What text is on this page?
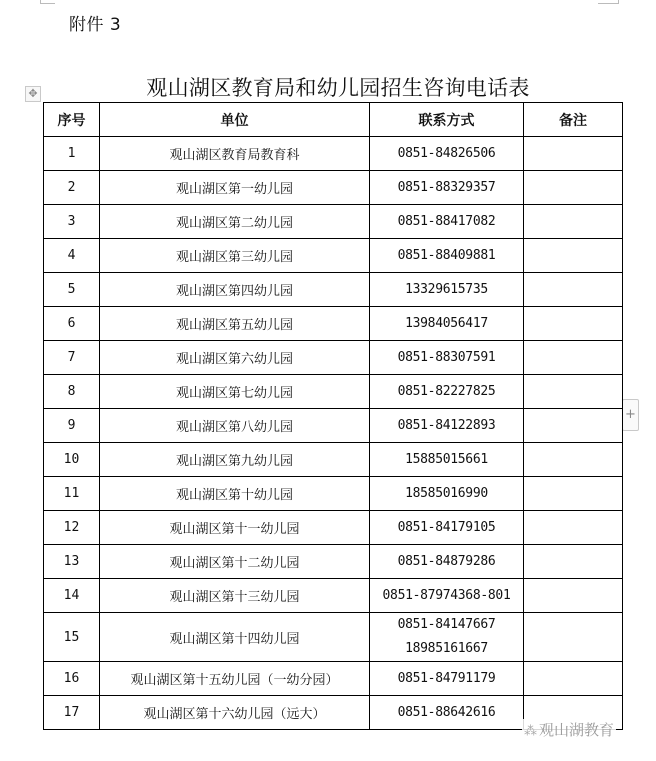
附件 3
观山湖区教育局和幼儿园招生咨询电话表
✥
+
序号	单位	联系方式	备注
1	观山湖区教育局教育科	0851-84826506	

2	观山湖区第一幼儿园	0851-88329357	

3	观山湖区第二幼儿园	0851-88417082	

4	观山湖区第三幼儿园	0851-88409881	

5	观山湖区第四幼儿园	13329615735	

6	观山湖区第五幼儿园	13984056417	

7	观山湖区第六幼儿园	0851-88307591	

8	观山湖区第七幼儿园	0851-82227825	

9	观山湖区第八幼儿园	0851-84122893	

10	观山湖区第九幼儿园	15885015661	

11	观山湖区第十幼儿园	18585016990	

12	观山湖区第十一幼儿园	0851-84179105	

13	观山湖区第十二幼儿园	0851-84879286	

14	观山湖区第十三幼儿园	0851-87974368-801	

15	观山湖区第十四幼儿园	0851-84147667
18985161667	

16	观山湖区第十五幼儿园（一幼分园）	0851-84791179	

17	观山湖区第十六幼儿园（远大）	0851-88642616	

⁂ 观山湖教育
